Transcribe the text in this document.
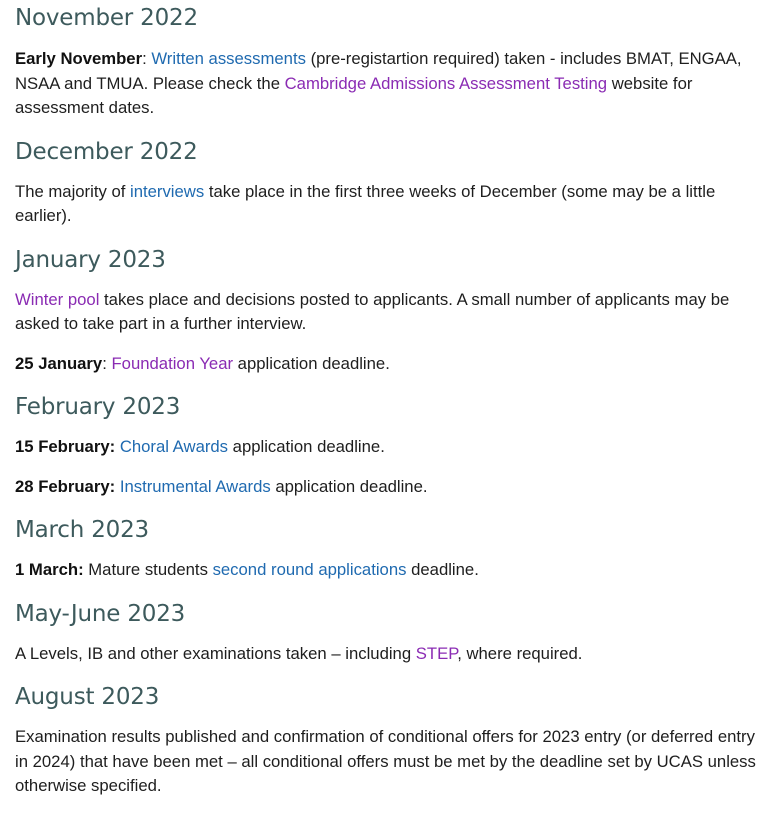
November 2022

Early November: Written assessments (pre-registartion required) taken - includes BMAT, ENGAA, NSAA and TMUA. Please check the Cambridge Admissions Assessment Testing website for assessment dates.

December 2022

The majority of interviews take place in the first three weeks of December (some may be a little earlier).

January 2023

Winter pool takes place and decisions posted to applicants. A small number of applicants may be asked to take part in a further interview.

25 January: Foundation Year application deadline.

February 2023

15 February: Choral Awards application deadline.

28 February: Instrumental Awards application deadline.

March 2023

1 March: Mature students second round applications deadline.

May-June 2023

A Levels, IB and other examinations taken – including STEP, where required.

August 2023

Examination results published and confirmation of conditional offers for 2023 entry (or deferred entry in 2024) that have been met – all conditional offers must be met by the deadline set by UCAS unless otherwise specified.
